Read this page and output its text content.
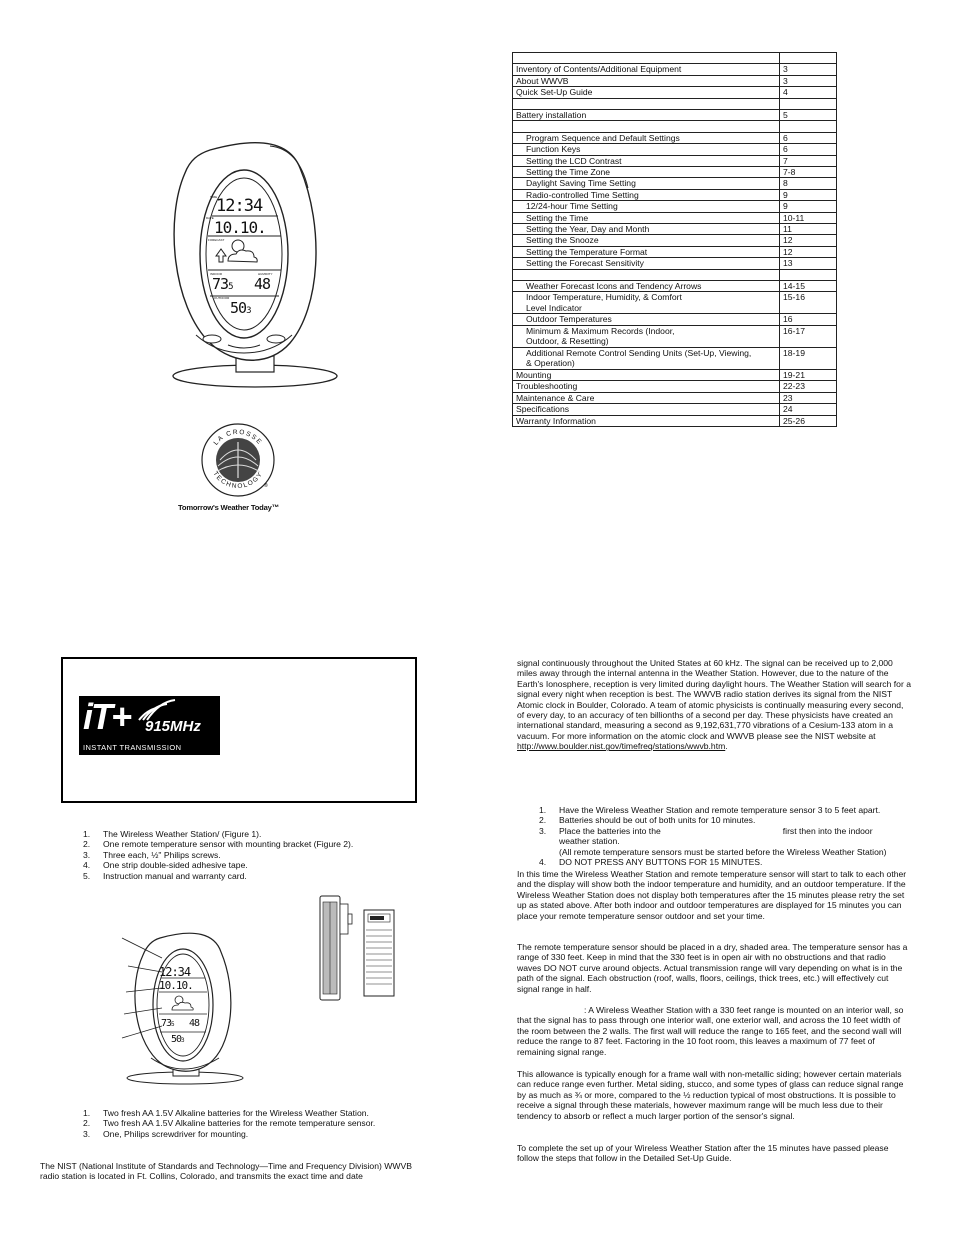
TIME
12:34
DATE 10.10.
FORECAST
INDOOR	HUMIDITY
735 48
OUTDOOR
503
LA CROSSE
TECHNOLOGY
®
Tomorrow's Weather Today™

Inventory of Contents/Additional Equipment	3
About WWVB	3
Quick Set-Up Guide	4

Battery installation	5

Program Sequence and Default Settings	6
Function Keys	6
Setting the LCD Contrast	7
Setting the Time Zone	7-8
Daylight Saving Time Setting	8
Radio-controlled Time Setting	9
12/24-hour Time Setting	9
Setting the Time	10-11
Setting the Year, Day and Month	11
Setting the Snooze	12
Setting the Temperature Format	12
Setting the Forecast Sensitivity	13

Weather Forecast Icons and Tendency Arrows	14-15
Indoor Temperature, Humidity, & Comfort
Level Indicator	15-16
Outdoor Temperatures	16
Minimum & Maximum Records (Indoor,
Outdoor, & Resetting)	16-17
Additional Remote Control Sending Units (Set-Up, Viewing,
& Operation)	18-19
Mounting	19-21
Troubleshooting	22-23
Maintenance & Care	23
Specifications	24
Warranty Information	25-26
iT+ 915MHz
INSTANT TRANSMISSION
1. The Wireless Weather Station/ (Figure 1).
2. One remote temperature sensor with mounting bracket (Figure 2).
3. Three each, ½" Philips screws.
4. One strip double-sided adhesive tape.
5. Instruction manual and warranty card.
12:34
10.10.
735 48
503
1. Two fresh AA 1.5V Alkaline batteries for the Wireless Weather Station.
2. Two fresh AA 1.5V Alkaline batteries for the remote temperature sensor.
3. One, Philips screwdriver for mounting.
The NIST (National Institute of Standards and Technology—Time and Frequency Division) WWVB radio station is located in Ft. Collins, Colorado, and transmits the exact time and date
signal continuously throughout the United States at 60 kHz. The signal can be received up to 2,000 miles away through the internal antenna in the Weather Station. However, due to the nature of the Earth's Ionosphere, reception is very limited during daylight hours. The Weather Station will search for a signal every night when reception is best. The WWVB radio station derives its signal from the NIST Atomic clock in Boulder, Colorado. A team of atomic physicists is continually measuring every second, of every day, to an accuracy of ten billionths of a second per day. These physicists have created an international standard, measuring a second as 9,192,631,770 vibrations of a Cesium-133 atom in a vacuum. For more information on the atomic clock and WWVB please see the NIST website at
http://www.boulder.nist.gov/timefreq/stations/wwvb.htm.
1. Have the Wireless Weather Station and remote temperature sensor 3 to 5 feet apart.
2. Batteries should be out of both units for 10 minutes.
3. Place the batteries into the	first then into the indoor
weather station.
(All remote temperature sensors must be started before the Wireless Weather Station)
4. DO NOT PRESS ANY BUTTONS FOR 15 MINUTES.
In this time the Wireless Weather Station and remote temperature sensor will start to talk to each other and the display will show both the indoor temperature and humidity, and an outdoor temperature. If the Wireless Weather Station does not display both temperatures after the 15 minutes please retry the set up as stated above. After both indoor and outdoor temperatures are displayed for 15 minutes you can place your remote temperature sensor outdoor and set your time.
The remote temperature sensor should be placed in a dry, shaded area. The temperature sensor has a range of 330 feet. Keep in mind that the 330 feet is in open air with no obstructions and that radio waves DO NOT curve around objects. Actual transmission range will vary depending on what is in the path of the signal. Each obstruction (roof, walls, floors, ceilings, thick trees, etc.) will effectively cut signal range in half.
: A Wireless Weather Station with a 330 feet range is mounted on an interior wall, so that the signal has to pass through one interior wall, one exterior wall, and across the 10 feet width of the room between the 2 walls. The first wall will reduce the range to 165 feet, and the second wall will reduce the range to 87 feet. Factoring in the 10 foot room, this leaves a maximum of 77 feet of remaining signal range.
This allowance is typically enough for a frame wall with non-metallic siding; however certain materials can reduce range even further. Metal siding, stucco, and some types of glass can reduce signal range by as much as ¾ or more, compared to the ½ reduction typical of most obstructions. It is possible to receive a signal through these materials, however maximum range will be much less due to their tendency to absorb or reflect a much larger portion of the sensor's signal.
To complete the set up of your Wireless Weather Station after the 15 minutes have passed please follow the steps that follow in the Detailed Set-Up Guide.
